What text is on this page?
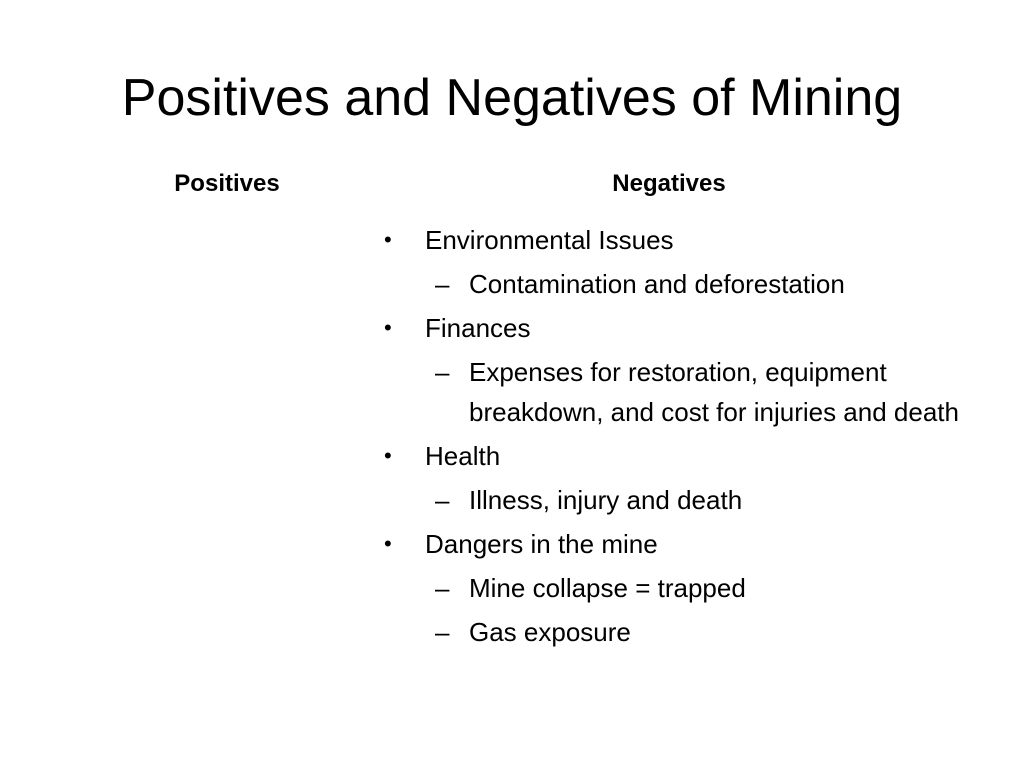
Positives and Negatives of Mining
Positives	Negatives
• Environmental Issues
– Contamination and deforestation
• Finances
– Expenses for restoration, equipment breakdown, and cost for injuries and death
• Health
– Illness, injury and death
• Dangers in the mine
– Mine collapse = trapped
– Gas exposure
